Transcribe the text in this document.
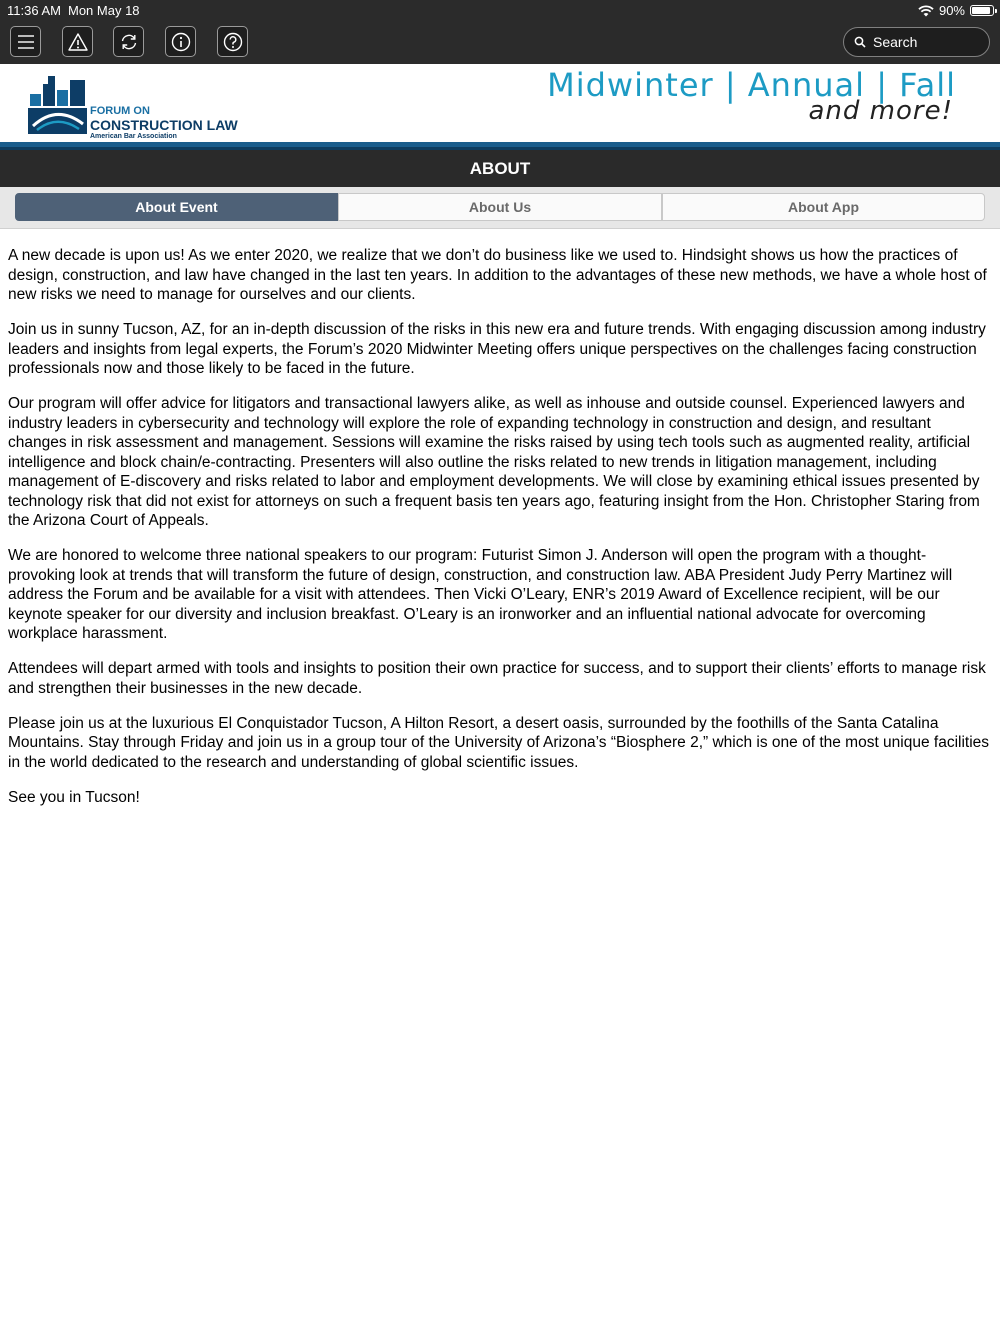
11:36 AM Mon May 18	90%
Search
FORUM ON
CONSTRUCTION LAW
American Bar Association
Midwinter | Annual | Fall
and more!
ABOUT
About Event	About Us	About App

A new decade is upon us! As we enter 2020, we realize that we don’t do business like we used to. Hindsight shows us how the practices of design, construction, and law have changed in the last ten years. In addition to the advantages of these new methods, we have a whole host of new risks we need to manage for ourselves and our clients.

Join us in sunny Tucson, AZ, for an in-depth discussion of the risks in this new era and future trends. With engaging discussion among industry leaders and insights from legal experts, the Forum’s 2020 Midwinter Meeting offers unique perspectives on the challenges facing construction professionals now and those likely to be faced in the future.

Our program will offer advice for litigators and transactional lawyers alike, as well as inhouse and outside counsel. Experienced lawyers and industry leaders in cybersecurity and technology will explore the role of expanding technology in construction and design, and resultant changes in risk assessment and management. Sessions will examine the risks raised by using tech tools such as augmented reality, artificial intelligence and block chain/e-contracting. Presenters will also outline the risks related to new trends in litigation management, including management of E-discovery and risks related to labor and employment developments. We will close by examining ethical issues presented by technology risk that did not exist for attorneys on such a frequent basis ten years ago, featuring insight from the Hon. Christopher Staring from the Arizona Court of Appeals.

We are honored to welcome three national speakers to our program: Futurist Simon J. Anderson will open the program with a thought-provoking look at trends that will transform the future of design, construction, and construction law. ABA President Judy Perry Martinez will address the Forum and be available for a visit with attendees. Then Vicki O’Leary, ENR’s 2019 Award of Excellence recipient, will be our keynote speaker for our diversity and inclusion breakfast. O’Leary is an ironworker and an influential national advocate for overcoming workplace harassment.

Attendees will depart armed with tools and insights to position their own practice for success, and to support their clients’ efforts to manage risk and strengthen their businesses in the new decade.

Please join us at the luxurious El Conquistador Tucson, A Hilton Resort, a desert oasis, surrounded by the foothills of the Santa Catalina Mountains. Stay through Friday and join us in a group tour of the University of Arizona’s “Biosphere 2,” which is one of the most unique facilities in the world dedicated to the research and understanding of global scientific issues.

See you in Tucson!
